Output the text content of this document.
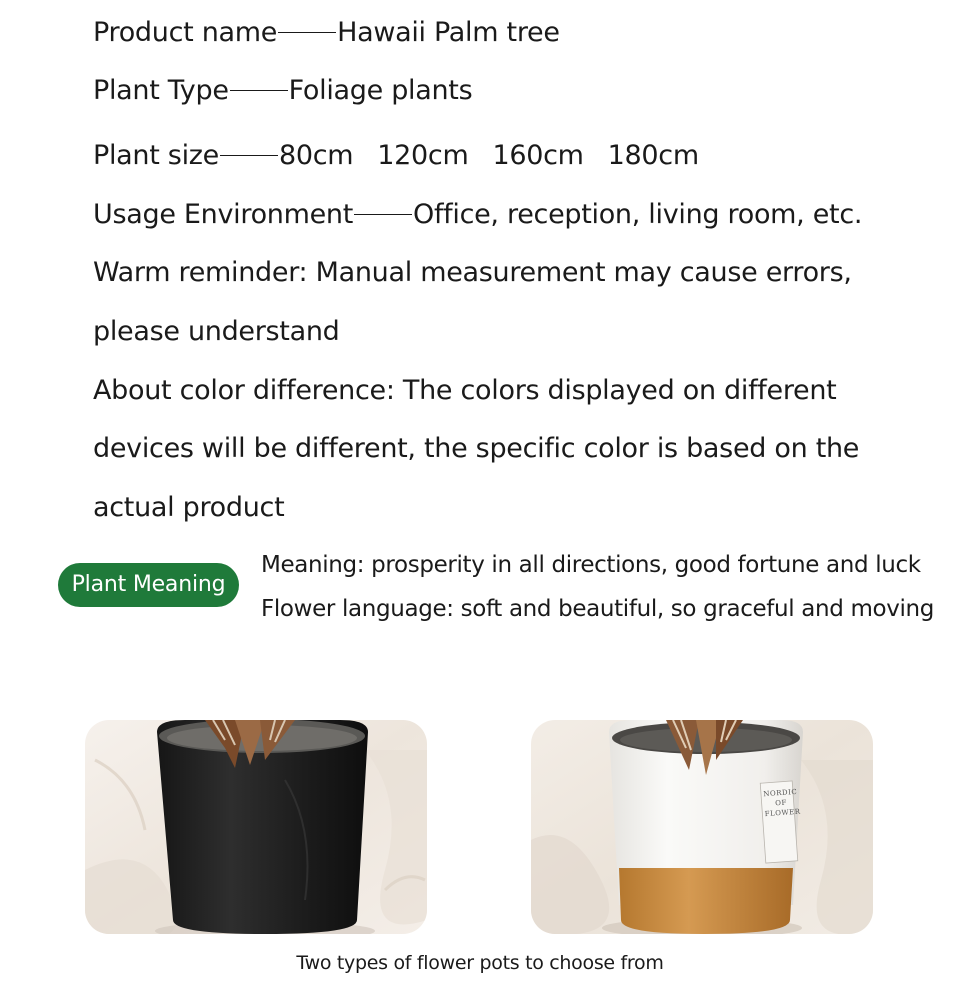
Product name Hawaii Palm tree
Plant Type Foliage plants
Plant size 80cm 120cm 160cm 180cm
Usage Environment Office, reception, living room, etc.
Warm reminder: Manual measurement may cause errors,
please understand
About color difference: The colors displayed on different
devices will be different, the specific color is based on the
actual product
Plant Meaning
Meaning: prosperity in all directions, good fortune and luck
Flower language: soft and beautiful, so graceful and moving
NORDIC
OF
FLOWER
Two types of flower pots to choose from
